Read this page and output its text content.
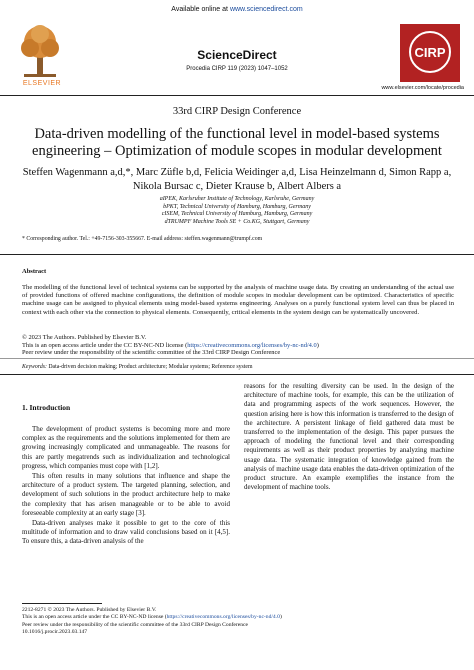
Available online at www.sciencedirect.com
ELSEVIER
ScienceDirect
Procedia CIRP 119 (2023) 1047–1052
CIRP
www.elsevier.com/locate/procedia
33rd CIRP Design Conference
Data-driven modelling of the functional level in model-based systems engineering – Optimization of module scopes in modular development
Steffen Wagenmann a,d,*, Marc Züfle b,d, Felicia Weidinger a,d, Lisa Heinzelmann d, Simon Rapp a, Nikola Bursac c, Dieter Krause b, Albert Albers a
aIPEK, Karlsruher Institute of Technology, Karlsruhe, Germany
bPKT, Technical University of Hamburg, Hamburg, Germany
cISEM, Technical University of Hamburg, Hamburg, Germany
dTRUMPF Machine Tools SE + Co.KG, Stuttgart, Germany
* Corresponding author. Tel.: +49-7156-303-355667. E-mail address: steffen.wagenmann@trumpf.com
Abstract
The modelling of the functional level of technical systems can be supported by the analysis of machine usage data. By creating an understanding of the actual use of provided functions of offered machine configurations, the definition of module scopes in modular development can be optimized. Characteristics of specific machine usage can be assigned to physical elements using model-based systems engineering. Analyses on a purely functional system level can thus be placed in context with each other via the connection to physical elements. Consequently, critical elements in the system design can be systematically uncovered.
© 2023 The Authors. Published by Elsevier B.V.
This is an open access article under the CC BY-NC-ND license (https://creativecommons.org/licenses/by-nc-nd/4.0)
Peer review under the responsibility of the scientific committee of the 33rd CIRP Design Conference
Keywords: Data-driven decision making; Product architecture; Modular systems; Reference system
1. Introduction

The development of product systems is becoming more and more complex as the requirements and the solutions implemented for them are growing increasingly complicated and unmanageable. The reasons for this are partly megatrends such as individualization and technological progress, which companies must cope with [1,2].

This often results in many solutions that influence and shape the architecture of a product system. The targeted planning, selection, and development of such solutions in the product architecture help to make the complexity that has arisen manageable or to be able to avoid foreseeable complexity at an early stage [3].

Data-driven analyses make it possible to get to the core of this multitude of information and to draw valid conclusions based on it [4,5]. To ensure this, a data-driven analysis of the

reasons for the resulting diversity can be used. In the design of the architecture of machine tools, for example, this can be the utilization of data and programming aspects of the work sequences. However, the question arising here is how this information is transferred to the design of the architecture. A persistent linkage of field gathered data must be transferred to the implementation of the design. This paper pursues the approach of modeling the functional level and their corresponding requirements as well as their product properties by analyzing machine usage data. The systematic integration of knowledge gained from the analysis of machine usage data enables the data-driven optimization of the product structure. An example exemplifies the instance from the development of machine tools.

2212-8271 © 2023 The Authors. Published by Elsevier B.V.
This is an open access article under the CC BY-NC-ND license (https://creativecommons.org/licenses/by-nc-nd/4.0)
Peer review under the responsibility of the scientific committee of the 33rd CIRP Design Conference
10.1016/j.procir.2023.03.147
